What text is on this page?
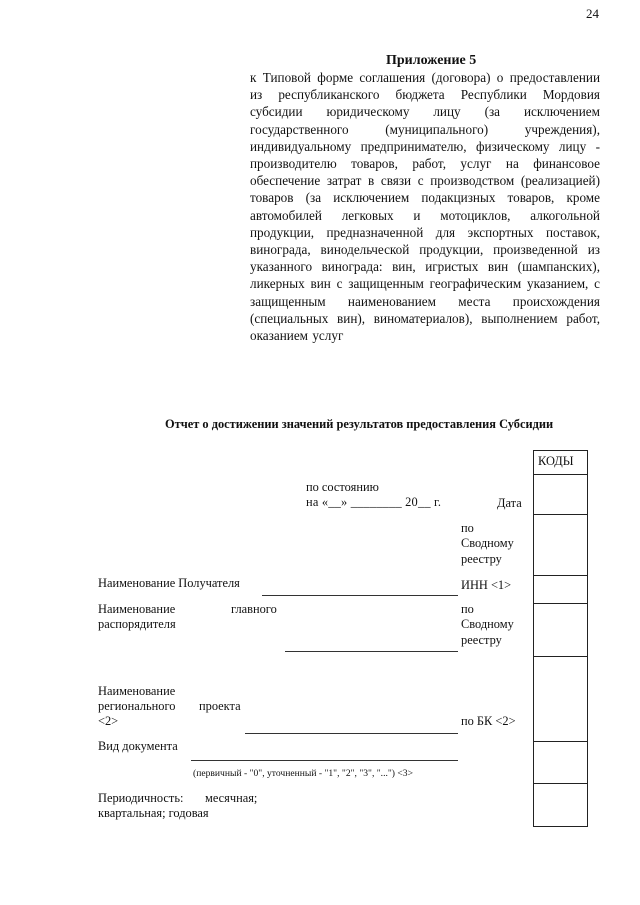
24
Приложение 5
к Типовой форме соглашения (договора) о предоставлении из республиканского бюджета Республики Мордовия субсидии юридическому лицу (за исключением государственного (муниципального) учреждения), индивидуальному предпринимателю, физическому лицу - производителю товаров, работ, услуг на финансовое обеспечение затрат в связи с производством (реализацией) товаров (за исключением подакцизных товаров, кроме автомобилей легковых и мотоциклов, алкогольной продукции, предназначенной для экспортных поставок, винограда, винодельческой продукции, произведенной из указанного винограда: вин, игристых вин (шампанских), ликерных вин с защищенным географическим указанием, с защищенным наименованием места происхождения (специальных вин), виноматериалов), выполнением работ, оказанием услуг
Отчет о достижении значений результатов предоставления Субсидии
КОДЫ
по состоянию
на «__» ________ 20__ г.	Дата
по
Сводному
реестру
Наименование Получателя	ИНН <1>
Наименование	главного
распорядителя
по
Сводному
реестру
Наименование
регионального проекта
<2>	по БК <2>
Вид документа
(первичный - "0", уточненный - "1", "2", "3", "...") <3>
Периодичность: месячная;
квартальная; годовая
